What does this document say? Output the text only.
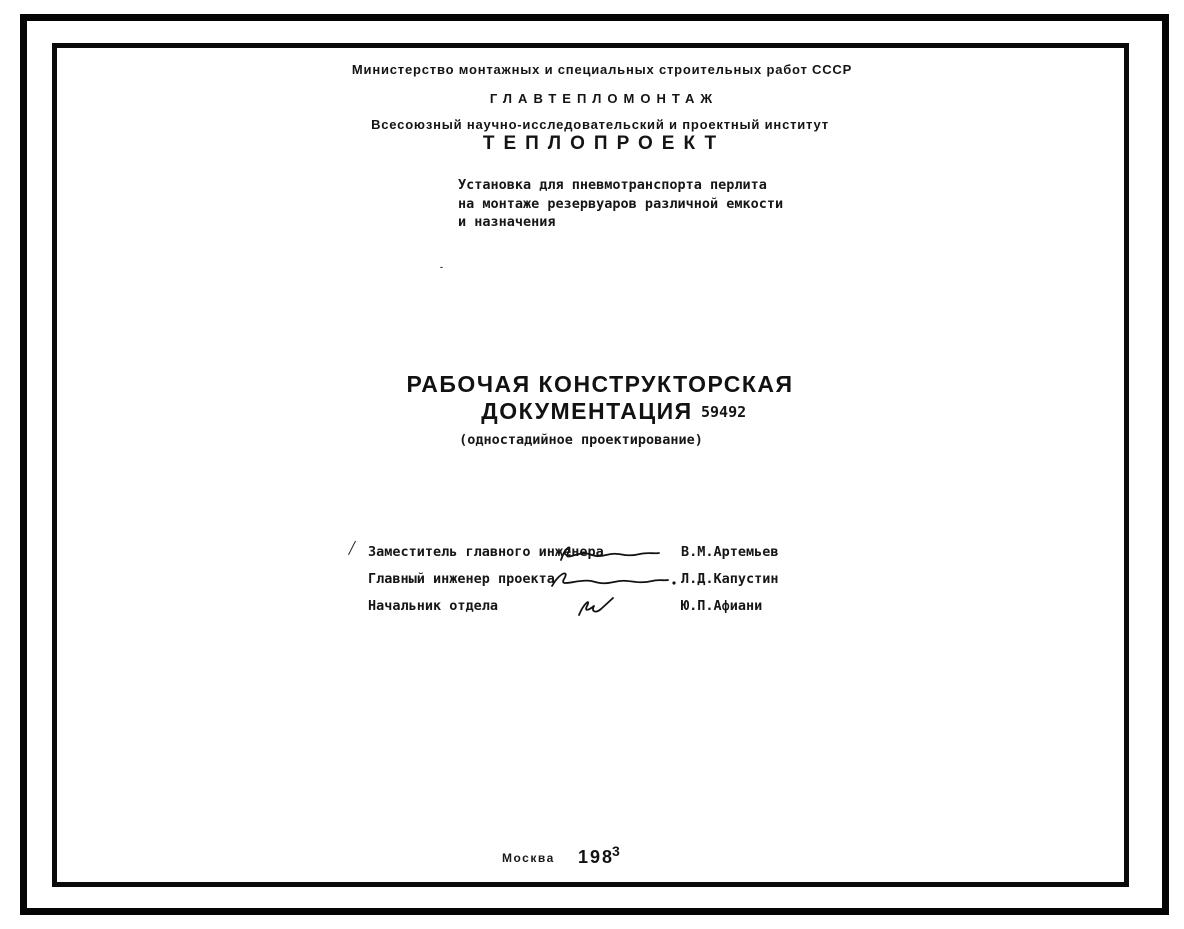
Министерство монтажных и специальных строительных работ СССР
ГЛАВТЕПЛОМОНТАЖ
Всесоюзный научно-исследовательский и проектный институт
ТЕПЛОПРОЕКТ
Установка для пневмотранспорта перлита
на монтаже резервуаров различной емкости
и назначения
-
РАБОЧАЯ КОНСТРУКТОРСКАЯ
ДОКУМЕНТАЦИЯ 59492
(одностадийное проектирование)
/ Заместитель главного инженера	В.М.Артемьев
Главный инженер проекта	Л.Д.Капустин
Начальник отдела	Ю.П.Афиани
Москва 198
3
